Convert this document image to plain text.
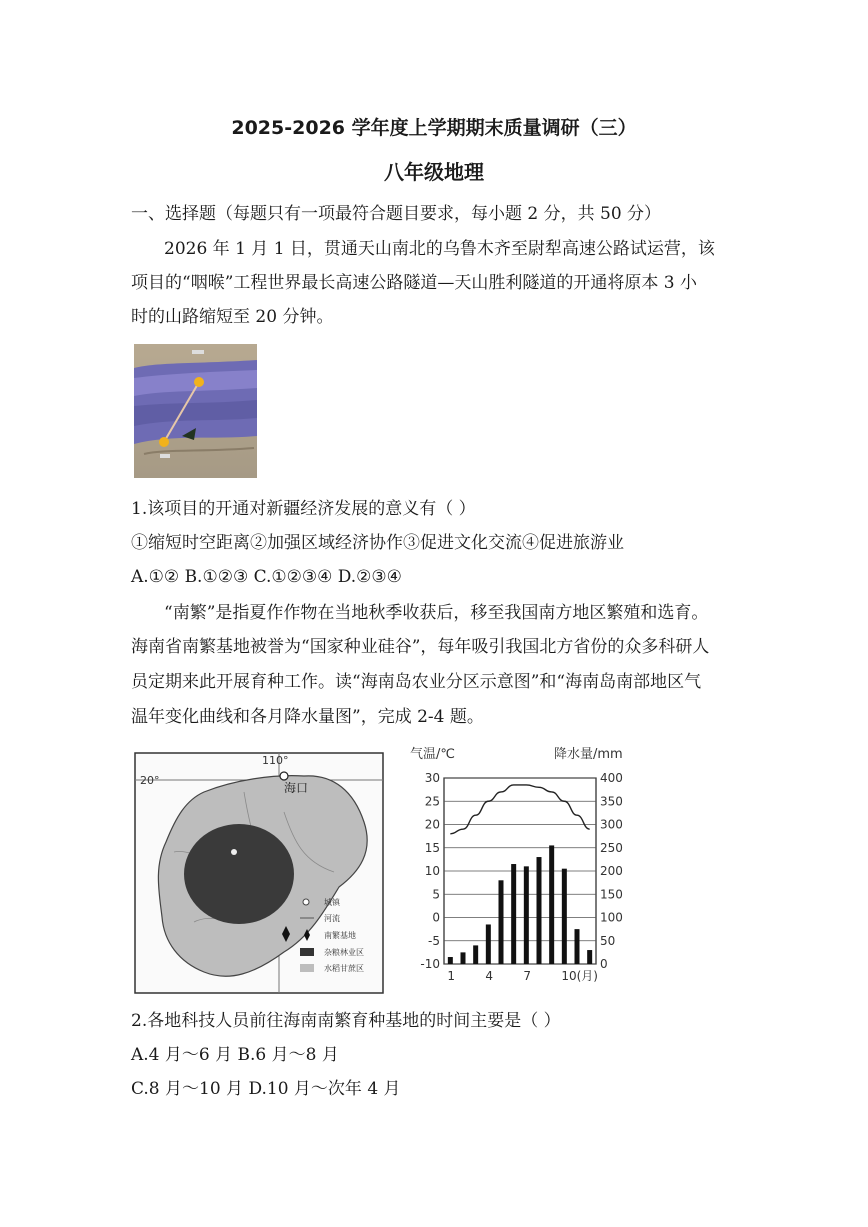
2025-2026 学年度上学期期末质量调研（三）
八年级地理
一、选择题（每题只有一项最符合题目要求，每小题 2 分，共 50 分）
2026 年 1 月 1 日，贯通天山南北的乌鲁木齐至尉犁高速公路试运营，该
项目的“咽喉”工程世界最长高速公路隧道—天山胜利隧道的开通将原本 3 小
时的山路缩短至 20 分钟。
1.该项目的开通对新疆经济发展的意义有（ ）
①缩短时空距离②加强区域经济协作③促进文化交流④促进旅游业
A.①② B.①②③ C.①②③④ D.②③④
“南繁”是指夏作作物在当地秋季收获后，移至我国南方地区繁殖和选育。
海南省南繁基地被誉为“国家种业硅谷”，每年吸引我国北方省份的众多科研人
员定期来此开展育种工作。读“海南岛农业分区示意图”和“海南岛南部地区气
温年变化曲线和各月降水量图”，完成 2-4 题。
110°
20°
海口
城镇
河流
南繁基地
杂粮林业区
水稻甘蔗区
气温/℃	降水量/mm
30	400
25	350
20	300
15	250
10	200
5	150
0	100
-5	50
-10	0
1	4	7	10(月)
2.各地科技人员前往海南南繁育种基地的时间主要是（ ）
A.4 月～6 月 B.6 月～8 月
C.8 月～10 月 D.10 月～次年 4 月
